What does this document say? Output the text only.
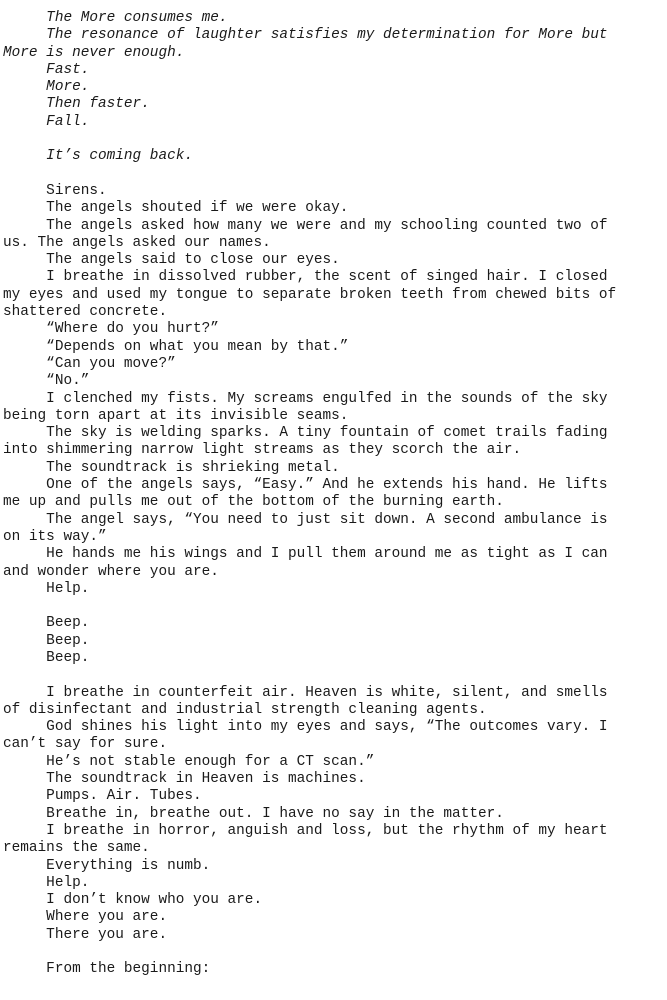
The More consumes me.
The resonance of laughter satisfies my determination for More but
More is never enough.
Fast.
More.
Then faster.
Fall.
It’s coming back.
Sirens.
The angels shouted if we were okay.
The angels asked how many we were and my schooling counted two of
us. The angels asked our names.
The angels said to close our eyes.
I breathe in dissolved rubber, the scent of singed hair. I closed
my eyes and used my tongue to separate broken teeth from chewed bits of
shattered concrete.
“Where do you hurt?”
“Depends on what you mean by that.”
“Can you move?”
“No.”
I clenched my fists. My screams engulfed in the sounds of the sky
being torn apart at its invisible seams.
The sky is welding sparks. A tiny fountain of comet trails fading
into shimmering narrow light streams as they scorch the air.
The soundtrack is shrieking metal.
One of the angels says, “Easy.” And he extends his hand. He lifts
me up and pulls me out of the bottom of the burning earth.
The angel says, “You need to just sit down. A second ambulance is
on its way.”
He hands me his wings and I pull them around me as tight as I can
and wonder where you are.
Help.
Beep.
Beep.
Beep.
I breathe in counterfeit air. Heaven is white, silent, and smells
of disinfectant and industrial strength cleaning agents.
God shines his light into my eyes and says, “The outcomes vary. I
can’t say for sure.
He’s not stable enough for a CT scan.”
The soundtrack in Heaven is machines.
Pumps. Air. Tubes.
Breathe in, breathe out. I have no say in the matter.
I breathe in horror, anguish and loss, but the rhythm of my heart
remains the same.
Everything is numb.
Help.
I don’t know who you are.
Where you are.
There you are.
From the beginning:
